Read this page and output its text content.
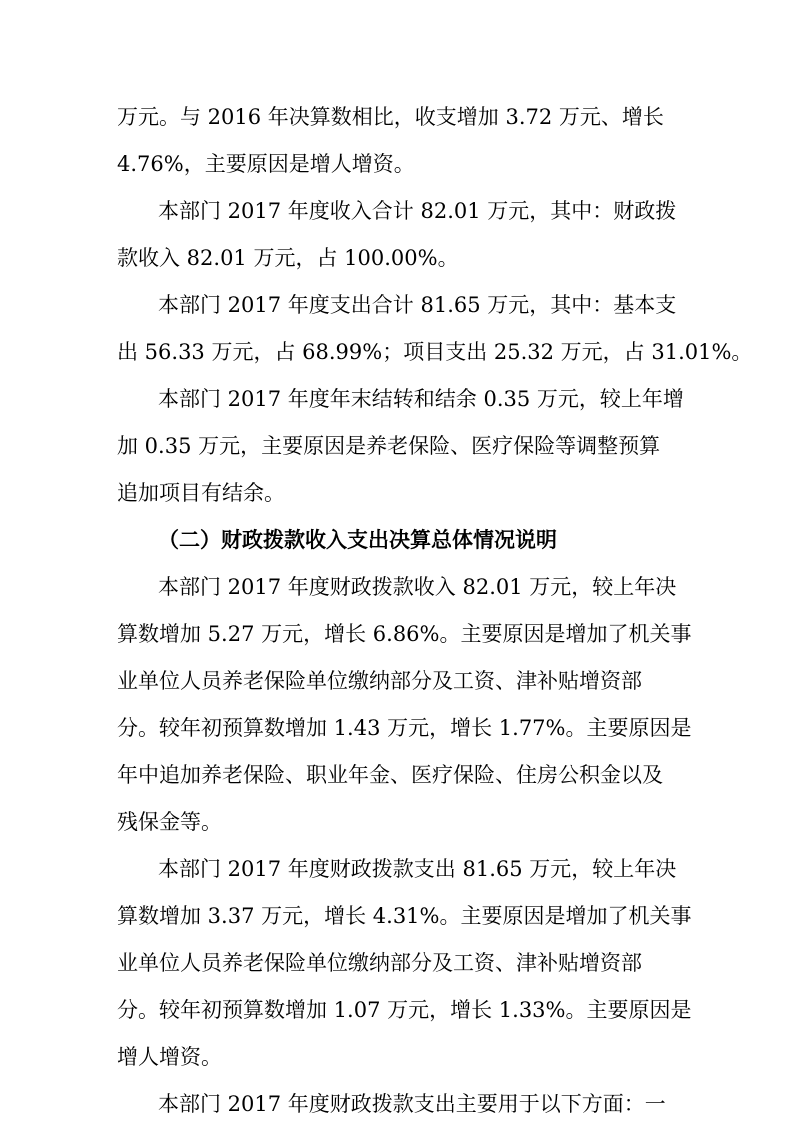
万元。与 2016 年决算数相比，收支增加 3.72 万元、增长
4.76%，主要原因是增人增资。
本部门 2017 年度收入合计 82.01 万元，其中：财政拨
款收入 82.01 万元，占 100.00%。
本部门 2017 年度支出合计 81.65 万元，其中：基本支
出 56.33 万元，占 68.99%；项目支出 25.32 万元，占 31.01%。
本部门 2017 年度年末结转和结余 0.35 万元，较上年增
加 0.35 万元，主要原因是养老保险、医疗保险等调整预算
追加项目有结余。
（二）财政拨款收入支出决算总体情况说明
本部门 2017 年度财政拨款收入 82.01 万元，较上年决
算数增加 5.27 万元，增长 6.86%。主要原因是增加了机关事
业单位人员养老保险单位缴纳部分及工资、津补贴增资部
分。较年初预算数增加 1.43 万元，增长 1.77%。主要原因是
年中追加养老保险、职业年金、医疗保险、住房公积金以及
残保金等。
本部门 2017 年度财政拨款支出 81.65 万元，较上年决
算数增加 3.37 万元，增长 4.31%。主要原因是增加了机关事
业单位人员养老保险单位缴纳部分及工资、津补贴增资部
分。较年初预算数增加 1.07 万元，增长 1.33%。主要原因是
增人增资。
本部门 2017 年度财政拨款支出主要用于以下方面：一
